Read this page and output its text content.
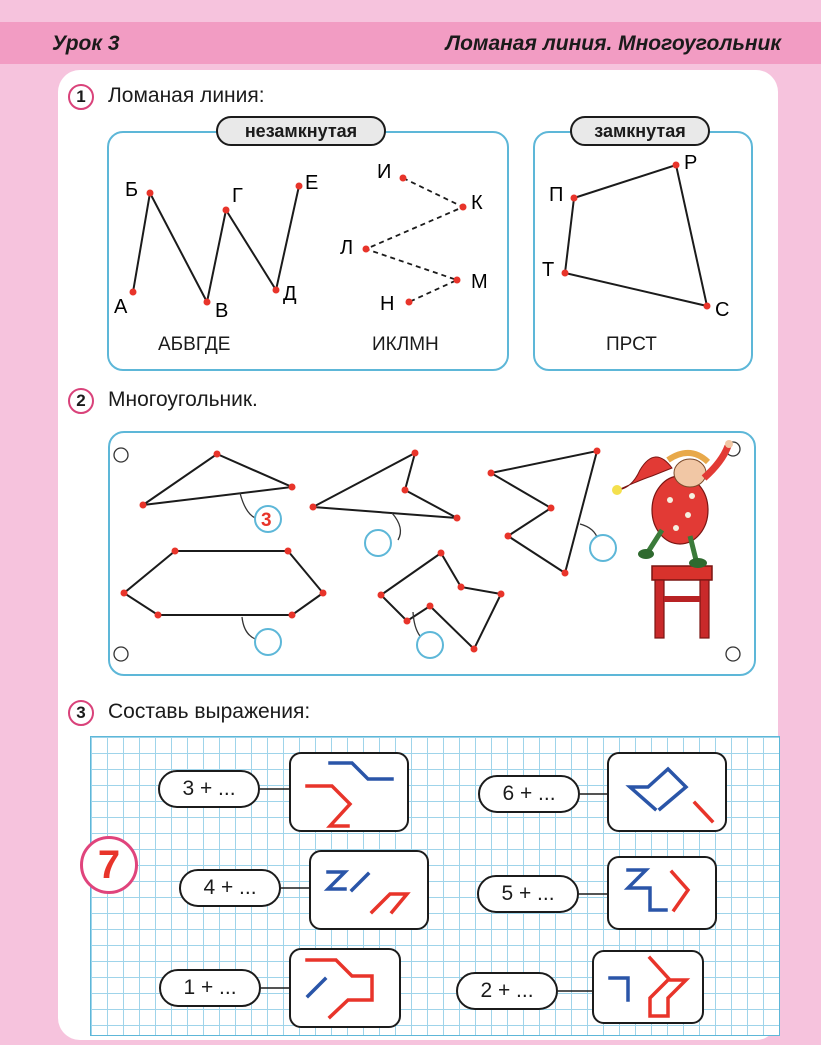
Урок 3	Ломаная линия. Многоугольник
1	Ломаная линия:
незамкнутая	замкнутая
А
Б
В
Г
Д
Е	И
К
Л
М
Н
П
Р
С
Т
АБВГДЕ	ИКЛМН	ПРСТ
2	Многоугольник.
3
3	Составь выражения:
7
3 + ...	6 + ...
4 + ...	5 + ...
1 + ...	2 + ...
